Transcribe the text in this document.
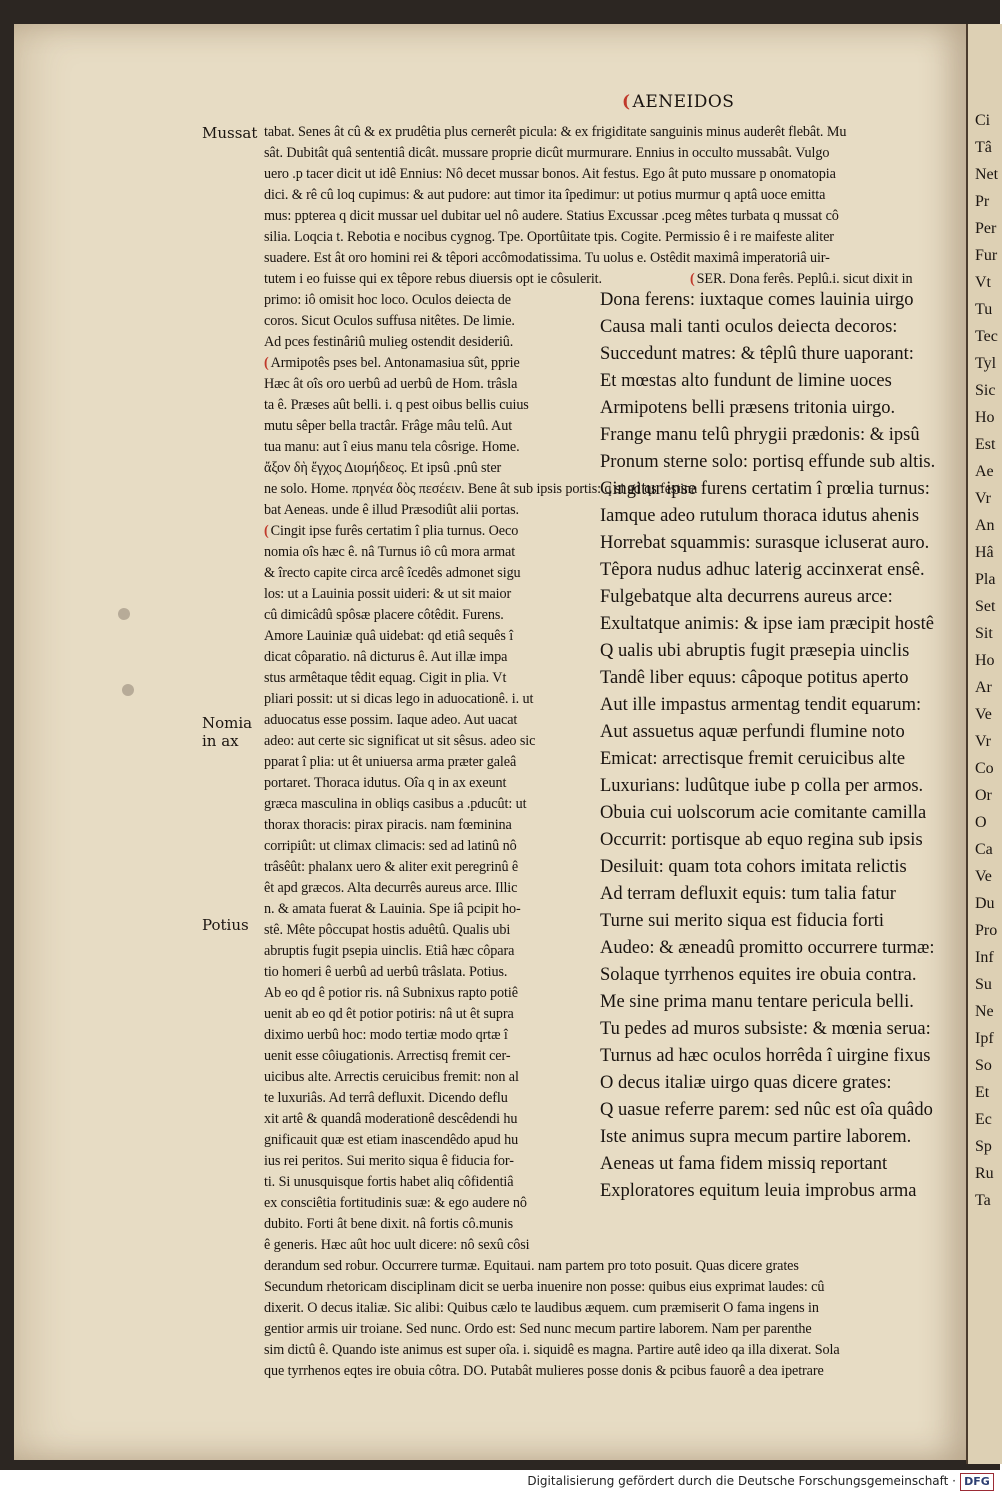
( AENEIDOS
Mussat
Nomia
in ax
Potius
tabat. Senes ât cû & ex prudêtia plus cernerêt picula: & ex frigiditate sanguinis minus auderêt flebât. Mu
sât. Dubitât quâ sententiâ dicât. mussare proprie dicût murmurare. Ennius in occulto mussabât. Vulgo
uero .p tacer dicit ut idê Ennius: Nô decet mussar bonos. Ait festus. Ego ât puto mussare p onomatopia
dici. & rê cû loq cupimus: & aut pudore: aut timor ita îpedimur: ut potius murmur q aptâ uoce emitta
mus: ppterea q dicit mussar uel dubitar uel nô audere. Statius Excussar .pceg mêtes turbata q mussat cô
silia. Loqcia t. Rebotia e nocibus cygnog. Tpe. Oportûitate tpis. Cogite. Permissio ê i re maifeste aliter
suadere. Est ât oro homini rei & têpori accômodatissima. Tu uolus e. Ostêdit maximâ imperatoriâ uir-
tutem i eo fuisse qui ex têpore rebus diuersis opt ie côsulerit.	( SER. Dona ferês. Peplû.i. sicut dixit in
primo: iô omisit hoc loco. Oculos deiecta de
coros. Sicut Oculos suffusa nitêtes. De limie.
Ad pces festinâriû mulieg ostendit desideriû.
( Armipotês pses bel. Antonamasiua sût, pprie
Hæc ât oîs oro uerbû ad uerbû de Hom. trâsla
ta ê. Præses aût belli. i. q pest oibus bellis cuius
mutu sêper bella tractâr. Frâge mâu telû. Aut
tua manu: aut î eius manu tela côsrige. Home.
ἄξον δὴ ἔγχος Διομήδεος. Et ipsû .pnû ster
ne solo. Home. πρηνέα δὸς πεσέειν. Bene ât sub ipsis portis: q si ad qs festina
bat Aeneas. unde ê illud Præsodiût alii portas.
( Cingit ipse furês certatim î plia turnus. Oeco
nomia oîs hæc ê. nâ Turnus iô cû mora armat
& îrecto capite circa arcê îcedês admonet sigu
los: ut a Lauinia possit uideri: & ut sit maior
cû dimicâdû spôsæ placere côtêdit. Furens.
Amore Lauiniæ quâ uidebat: qd etiâ sequês î
dicat côparatio. nâ dicturus ê. Aut illæ impa
stus armêtaque têdit equag. Cigit in plia. Vt
pliari possit: ut si dicas lego in aduocationê. i. ut
aduocatus esse possim. Iaque adeo. Aut uacat
adeo: aut certe sic significat ut sit sêsus. adeo sic
pparat î plia: ut êt uniuersa arma præter galeâ
portaret. Thoraca idutus. Oîa q in ax exeunt
græca masculina in obliqs casibus a .pducût: ut
thorax thoracis: pirax piracis. nam fœminina
corripiût: ut climax climacis: sed ad latinû nô
trâsêût: phalanx uero & aliter exit peregrinû ê
êt apd græcos. Alta decurrês aureus arce. Illic
n. & amata fuerat & Lauinia. Spe iâ pcipit ho-
stê. Mête pôccupat hostis aduêtû. Qualis ubi
abruptis fugit psepia uinclis. Etiâ hæc côpara
tio homeri ê uerbû ad uerbû trâslata. Potius.
Ab eo qd ê potior ris. nâ Subnixus rapto potiê
uenit ab eo qd êt potior potiris: nâ ut êt supra
diximo uerbû hoc: modo tertiæ modo qrtæ î
uenit esse côiugationis. Arrectisq fremit cer-
uicibus alte. Arrectis ceruicibus fremit: non al
te luxuriâs. Ad terrâ defluxit. Dicendo deflu
xit artê & quandâ moderationê descêdendi hu
gnificauit quæ est etiam inascendêdo apud hu
ius rei peritos. Sui merito siqua ê fiducia for-
ti. Si unusquisque fortis habet aliq côfidentiâ
ex consciêtia fortitudinis suæ: & ego audere nô
dubito. Forti ât bene dixit. nâ fortis cô.munis
ê generis. Hæc aût hoc uult dicere: nô sexû côsi
Dona ferens: iuxtaque comes lauinia uirgo
Causa mali tanti oculos deiecta decoros:
Succedunt matres: & têplû thure uaporant:
Et mœstas alto fundunt de limine uoces
Armipotens belli præsens tritonia uirgo.
Frange manu telû phrygii prædonis: & ipsû
Pronum sterne solo: portisq effunde sub altis.
Cingitur ipse furens certatim î prœlia turnus:
Iamque adeo rutulum thoraca idutus ahenis
Horrebat squammis: surasque icluserat auro.
Têpora nudus adhuc laterig accinxerat ensê.
Fulgebatque alta decurrens aureus arce:
Exultatque animis: & ipse iam præcipit hostê
Q ualis ubi abruptis fugit præsepia uinclis
Tandê liber equus: câpoque potitus aperto
Aut ille impastus armentag tendit equarum:
Aut assuetus aquæ perfundi flumine noto
Emicat: arrectisque fremit ceruicibus alte
Luxurians: ludûtque iube p colla per armos.
Obuia cui uolscorum acie comitante camilla
Occurrit: portisque ab equo regina sub ipsis
Desiluit: quam tota cohors imitata relictis
Ad terram defluxit equis: tum talia fatur
Turne sui merito siqua est fiducia forti
Audeo: & æneadû promitto occurrere turmæ:
Solaque tyrrhenos equites ire obuia contra.
Me sine prima manu tentare pericula belli.
Tu pedes ad muros subsiste: & mœnia serua:
Turnus ad hæc oculos horrêda î uirgine fixus
O decus italiæ uirgo quas dicere grates:
Q uasue referre parem: sed nûc est oîa quâdo
Iste animus supra mecum partire laborem.
Aeneas ut fama fidem missiq reportant
Exploratores equitum leuia improbus arma
derandum sed robur. Occurrere turmæ. Equitaui. nam partem pro toto posuit. Quas dicere grates
Secundum rhetoricam disciplinam dicit se uerba inuenire non posse: quibus eius exprimat laudes: cû
dixerit. O decus italiæ. Sic alibi: Quibus cælo te laudibus æquem. cum præmiserit O fama ingens in
gentior armis uir troiane. Sed nunc. Ordo est: Sed nunc mecum partire laborem. Nam per parenthe
sim dictû ê. Quando iste animus est super oîa. i. siquidê es magna. Partire autê ideo qa illa dixerat. Sola
que tyrrhenos eqtes ire obuia côtra. DO. Putabât mulieres posse donis & pcibus fauorê a dea ipetrare
Ci
Tâ
Net
Pr
Per
Fur
Vt
Tu
Tec
Tyl
Sic
Ho
Est
Ae
Vr
An
Hâ
Pla
Set
Sit
Ho
Ar
Ve
Vr
Co
Or
O
Ca
Ve
Du
Pro
Inf
Su
Ne
Ipf
So
Et
Ec
Sp
Ru
Ta
Digitalisierung gefördert durch die Deutsche Forschungsgemeinschaft · DFG
